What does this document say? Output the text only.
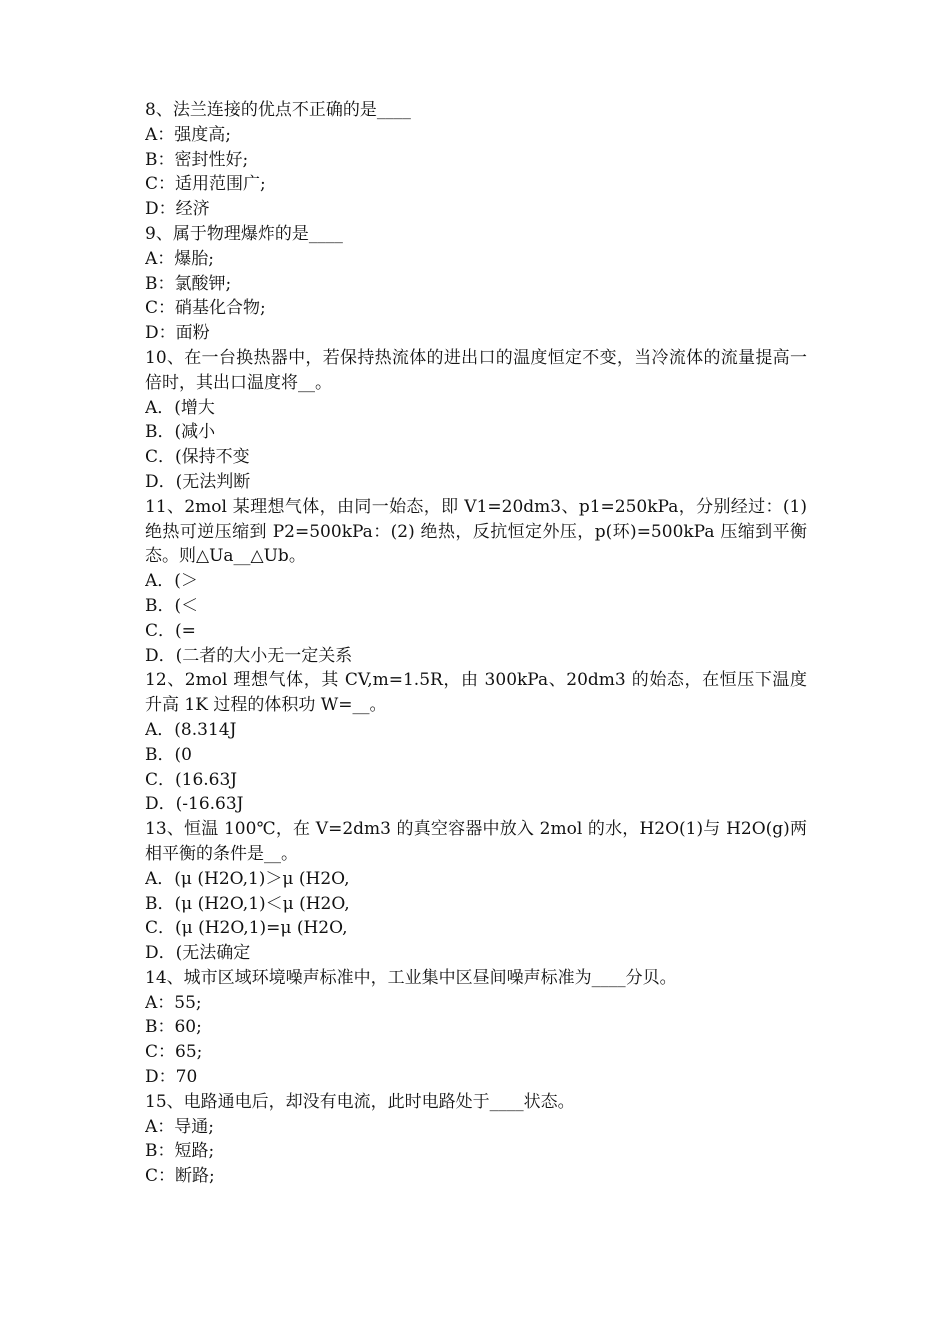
8、法兰连接的优点不正确的是____
A：强度高;
B：密封性好;
C：适用范围广;
D：经济
9、属于物理爆炸的是____
A：爆胎;
B：氯酸钾;
C：硝基化合物;
D：面粉
10、在一台换热器中，若保持热流体的进出口的温度恒定不变，当冷流体的流量提高一倍时，其出口温度将__。
A．(增大
B．(减小
C．(保持不变
D．(无法判断
11、2mol 某理想气体，由同一始态，即 V1=20dm3、p1=250kPa，分别经过：(1) 绝热可逆压缩到 P2=500kPa：(2) 绝热，反抗恒定外压，p(环)=500kPa 压缩到平衡态。则△Ua__△Ub。
A．(＞
B．(＜
C．(=
D．(二者的大小无一定关系
12、2mol 理想气体，其 CV,m=1.5R，由 300kPa、20dm3 的始态，在恒压下温度升高 1K 过程的体积功 W=__。
A．(8.314J
B．(0
C．(16.63J
D．(-16.63J
13、恒温 100℃，在 V=2dm3 的真空容器中放入 2mol 的水，H2O(1)与 H2O(g)两相平衡的条件是__。
A．(μ (H2O,1)＞μ (H2O,
B．(μ (H2O,1)＜μ (H2O,
C．(μ (H2O,1)=μ (H2O,
D．(无法确定
14、城市区域环境噪声标准中，工业集中区昼间噪声标准为____分贝。
A：55;
B：60;
C：65;
D：70
15、电路通电后，却没有电流，此时电路处于____状态。
A：导通;
B：短路;
C：断路;
